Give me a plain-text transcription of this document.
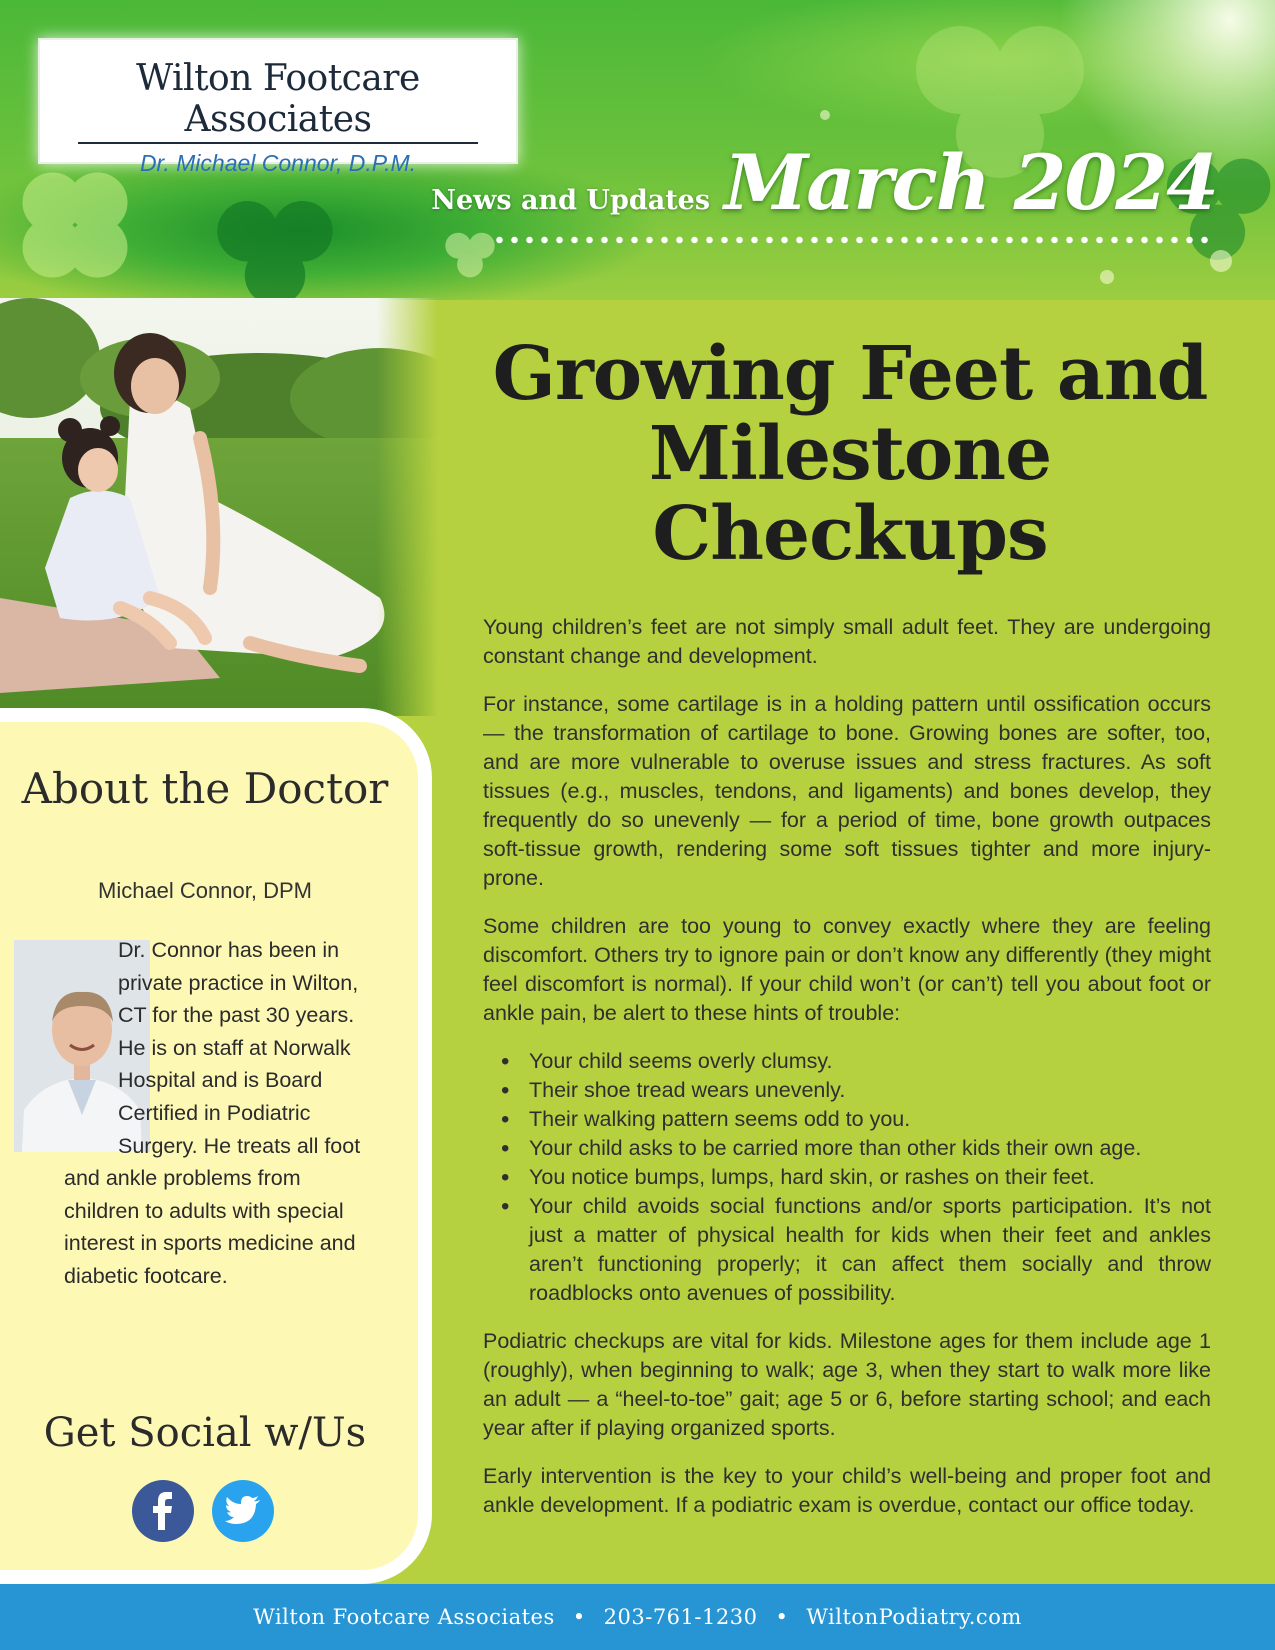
Wilton Footcare Associates
Dr. Michael Connor, D.P.M.
News and Updates March 2024
About the Doctor
Michael Connor, DPM
Dr. Connor has been in private practice in Wilton, CT for the past 30 years. He is on staff at Norwalk Hospital and is Board Certified in Podiatric Surgery. He treats all foot and ankle problems from children to adults with special interest in sports medicine and diabetic footcare.
Get Social w/Us
Growing Feet and Milestone Checkups

Young children’s feet are not simply small adult feet. They are undergoing constant change and development.

For instance, some cartilage is in a holding pattern until ossification occurs — the transformation of cartilage to bone. Growing bones are softer, too, and are more vulnerable to overuse issues and stress fractures. As soft tissues (e.g., muscles, tendons, and ligaments) and bones develop, they frequently do so unevenly — for a period of time, bone growth outpaces soft-tissue growth, rendering some soft tissues tighter and more injury-prone.

Some children are too young to convey exactly where they are feeling discomfort. Others try to ignore pain or don’t know any differently (they might feel discomfort is normal). If your child won’t (or can’t) tell you about foot or ankle pain, be alert to these hints of trouble:

• Your child seems overly clumsy.
• Their shoe tread wears unevenly.
• Their walking pattern seems odd to you.
• Your child asks to be carried more than other kids their own age.
• You notice bumps, lumps, hard skin, or rashes on their feet.
• Your child avoids social functions and/or sports participation. It’s not just a matter of physical health for kids when their feet and ankles aren’t functioning properly; it can affect them socially and throw roadblocks onto avenues of possibility.

Podiatric checkups are vital for kids. Milestone ages for them include age 1 (roughly), when beginning to walk; age 3, when they start to walk more like an adult — a “heel-to-toe” gait; age 5 or 6, before starting school; and each year after if playing organized sports.

Early intervention is the key to your child’s well-being and proper foot and ankle development. If a podiatric exam is overdue, contact our office today.

Wilton Footcare Associates • 203-761-1230 • WiltonPodiatry.com
